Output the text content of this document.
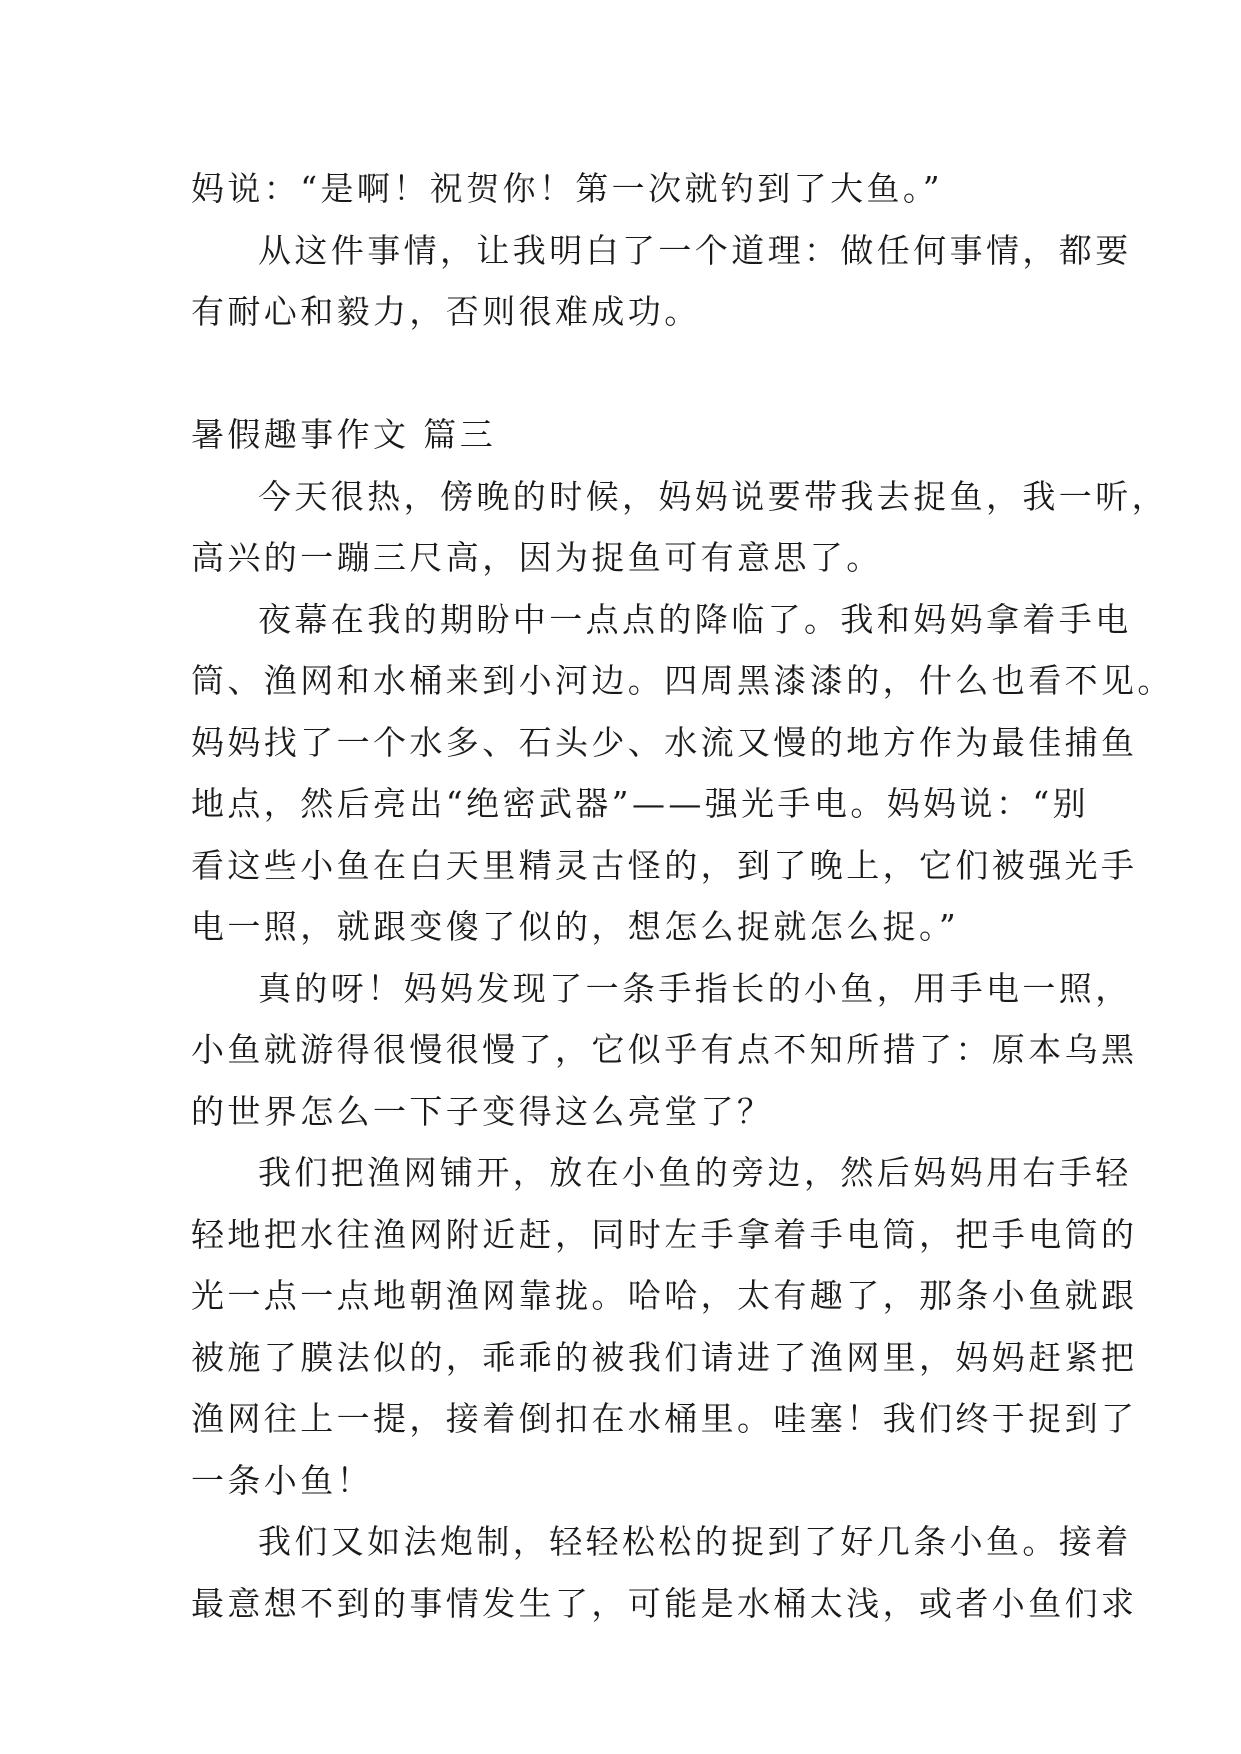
妈说：“是啊！祝贺你！第一次就钓到了大鱼。”
从这件事情，让我明白了一个道理：做任何事情，都要
有耐心和毅力，否则很难成功。
暑假趣事作文 篇三
今天很热，傍晚的时候，妈妈说要带我去捉鱼，我一听，
高兴的一蹦三尺高，因为捉鱼可有意思了。
夜幕在我的期盼中一点点的降临了。我和妈妈拿着手电
筒、渔网和水桶来到小河边。四周黑漆漆的，什么也看不见。
妈妈找了一个水多、石头少、水流又慢的地方作为最佳捕鱼
地点，然后亮出“绝密武器”——强光手电。妈妈说：“别
看这些小鱼在白天里精灵古怪的，到了晚上，它们被强光手
电一照，就跟变傻了似的，想怎么捉就怎么捉。”
真的呀！妈妈发现了一条手指长的小鱼，用手电一照，
小鱼就游得很慢很慢了，它似乎有点不知所措了：原本乌黑
的世界怎么一下子变得这么亮堂了？
我们把渔网铺开，放在小鱼的旁边，然后妈妈用右手轻
轻地把水往渔网附近赶，同时左手拿着手电筒，把手电筒的
光一点一点地朝渔网靠拢。哈哈，太有趣了，那条小鱼就跟
被施了膜法似的，乖乖的被我们请进了渔网里，妈妈赶紧把
渔网往上一提，接着倒扣在水桶里。哇塞！我们终于捉到了
一条小鱼！
我们又如法炮制，轻轻松松的捉到了好几条小鱼。接着
最意想不到的事情发生了，可能是水桶太浅，或者小鱼们求
